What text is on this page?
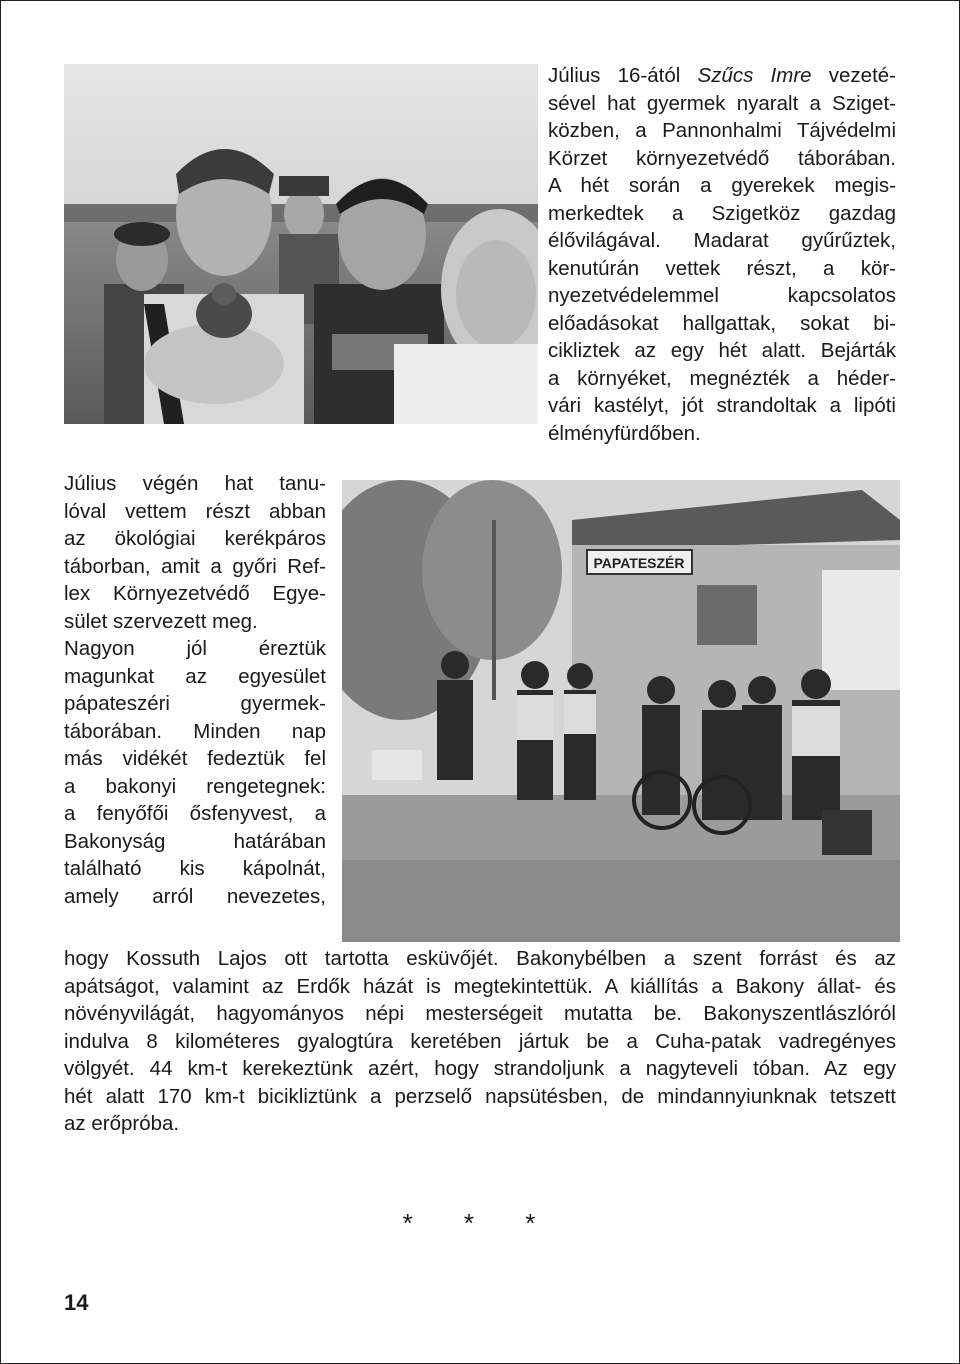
Július 16-ától Szűcs Imre vezeté-
sével hat gyermek nyaralt a Sziget-
közben, a Pannonhalmi Tájvédelmi
Körzet környezetvédő táborában.
A hét során a gyerekek megis-
merkedtek a Szigetköz gazdag
élővilágával. Madarat gyűrűztek,
kenutúrán vettek részt, a kör-
nyezetvédelemmel kapcsolatos
előadásokat hallgattak, sokat bi-
cikliztek az egy hét alatt. Bejárták
a környéket, megnézték a héder-
vári kastélyt, jót strandoltak a lipóti
élményfürdőben.
PAPATESZÉR
Július végén hat tanu-
lóval vettem részt abban
az ökológiai kerékpáros
táborban, amit a győri Ref-
lex Környezetvédő Egye-
sület szervezett meg.
Nagyon jól éreztük
magunkat az egyesület
pápateszéri gyermek-
táborában. Minden nap
más vidékét fedeztük fel
a bakonyi rengetegnek:
a fenyőfői ősfenyvest, a
Bakonyság határában
található kis kápolnát,
amely arról nevezetes,
hogy Kossuth Lajos ott tartotta esküvőjét. Bakonybélben a szent forrást és az
apátságot, valamint az Erdők házát is megtekintettük. A kiállítás a Bakony állat- és
növényvilágát, hagyományos népi mesterségeit mutatta be. Bakonyszentlászlóról
indulva 8 kilométeres gyalogtúra keretében jártuk be a Cuha-patak vadregényes
völgyét. 44 km-t kerekeztünk azért, hogy strandoljunk a nagyteveli tóban. Az egy
hét alatt 170 km-t bicikliztünk a perzselő napsütésben, de mindannyiunknak tetszett
az erőpróba.
* * *
14
